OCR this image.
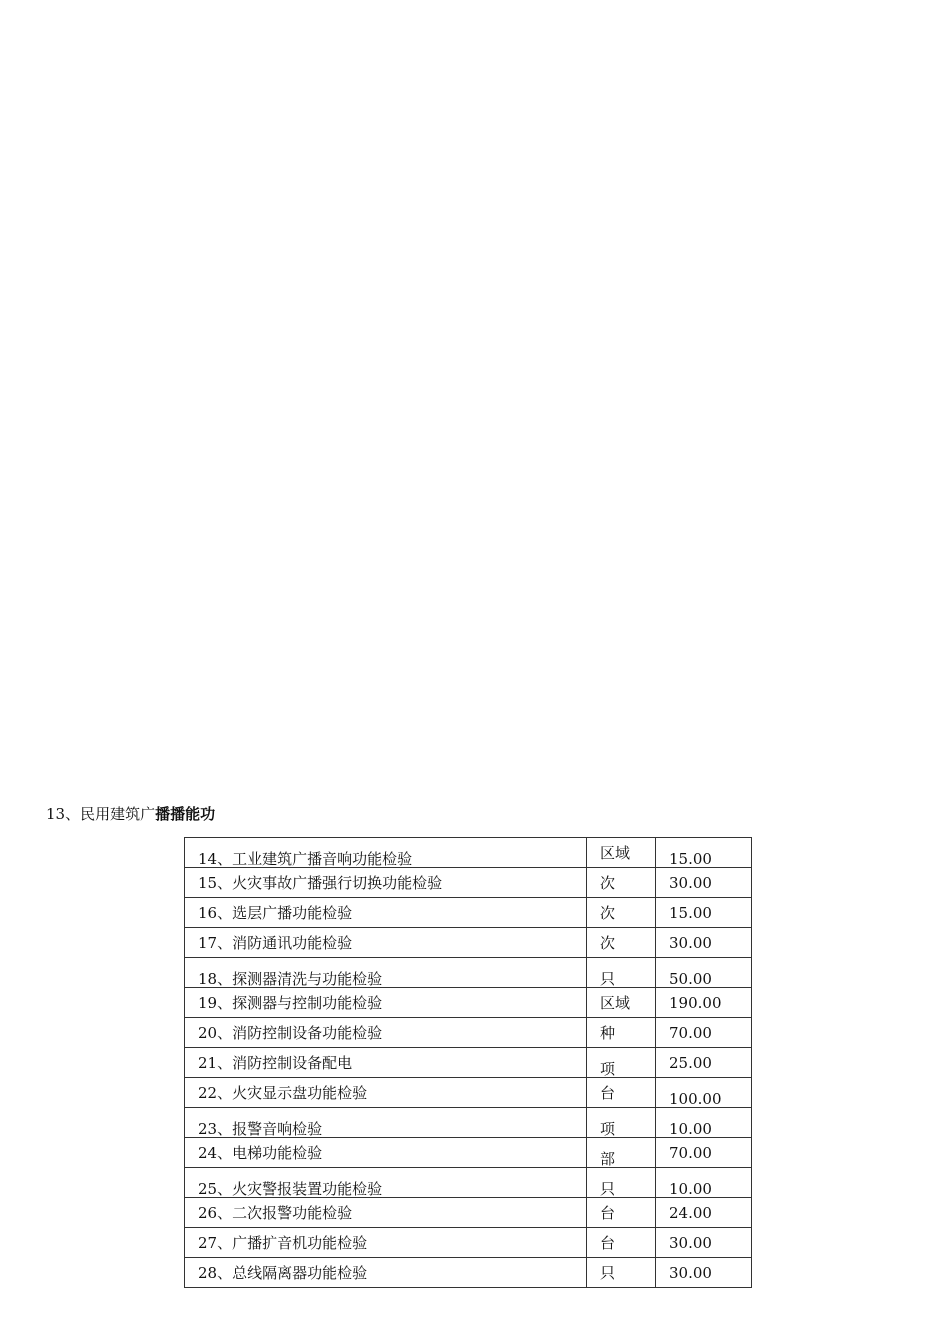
13、民用建筑广播播能功
14、工业建筑广播音响功能检验	区域	15.00
15、火灾事故广播强行切换功能检验	次	30.00
16、选层广播功能检验	次	15.00
17、消防通讯功能检验	次	30.00
18、探测器清洗与功能检验	只	50.00
19、探测器与控制功能检验	区域	190.00
20、消防控制设备功能检验	种	70.00
21、消防控制设备配电	项	25.00
22、火灾显示盘功能检验	台	100.00
23、报警音响检验	项	10.00
24、电梯功能检验	部	70.00
25、火灾警报装置功能检验	只	10.00
26、二次报警功能检验	台	24.00
27、广播扩音机功能检验	台	30.00
28、总线隔离器功能检验	只	30.00
